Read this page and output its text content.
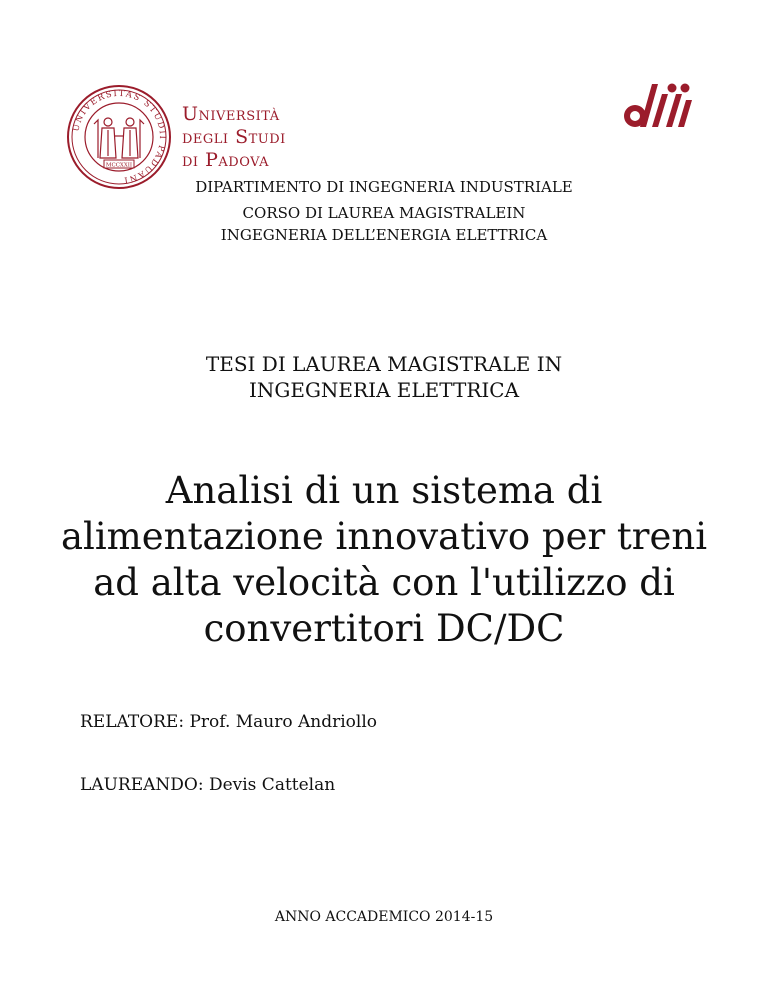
UNIVERSITAS STUDII PADUANI
MCCXXII
Università
degli Studi
di Padova
DIPARTIMENTO DI INGEGNERIA INDUSTRIALE
CORSO DI LAUREA MAGISTRALEIN
INGEGNERIA DELL’ENERGIA ELETTRICA
TESI DI LAUREA MAGISTRALE IN
INGEGNERIA ELETTRICA
Analisi di un sistema di
alimentazione innovativo per treni
ad alta velocità con l'utilizzo di
convertitori DC/DC
RELATORE: Prof. Mauro Andriollo
LAUREANDO: Devis Cattelan
ANNO ACCADEMICO 2014-15
